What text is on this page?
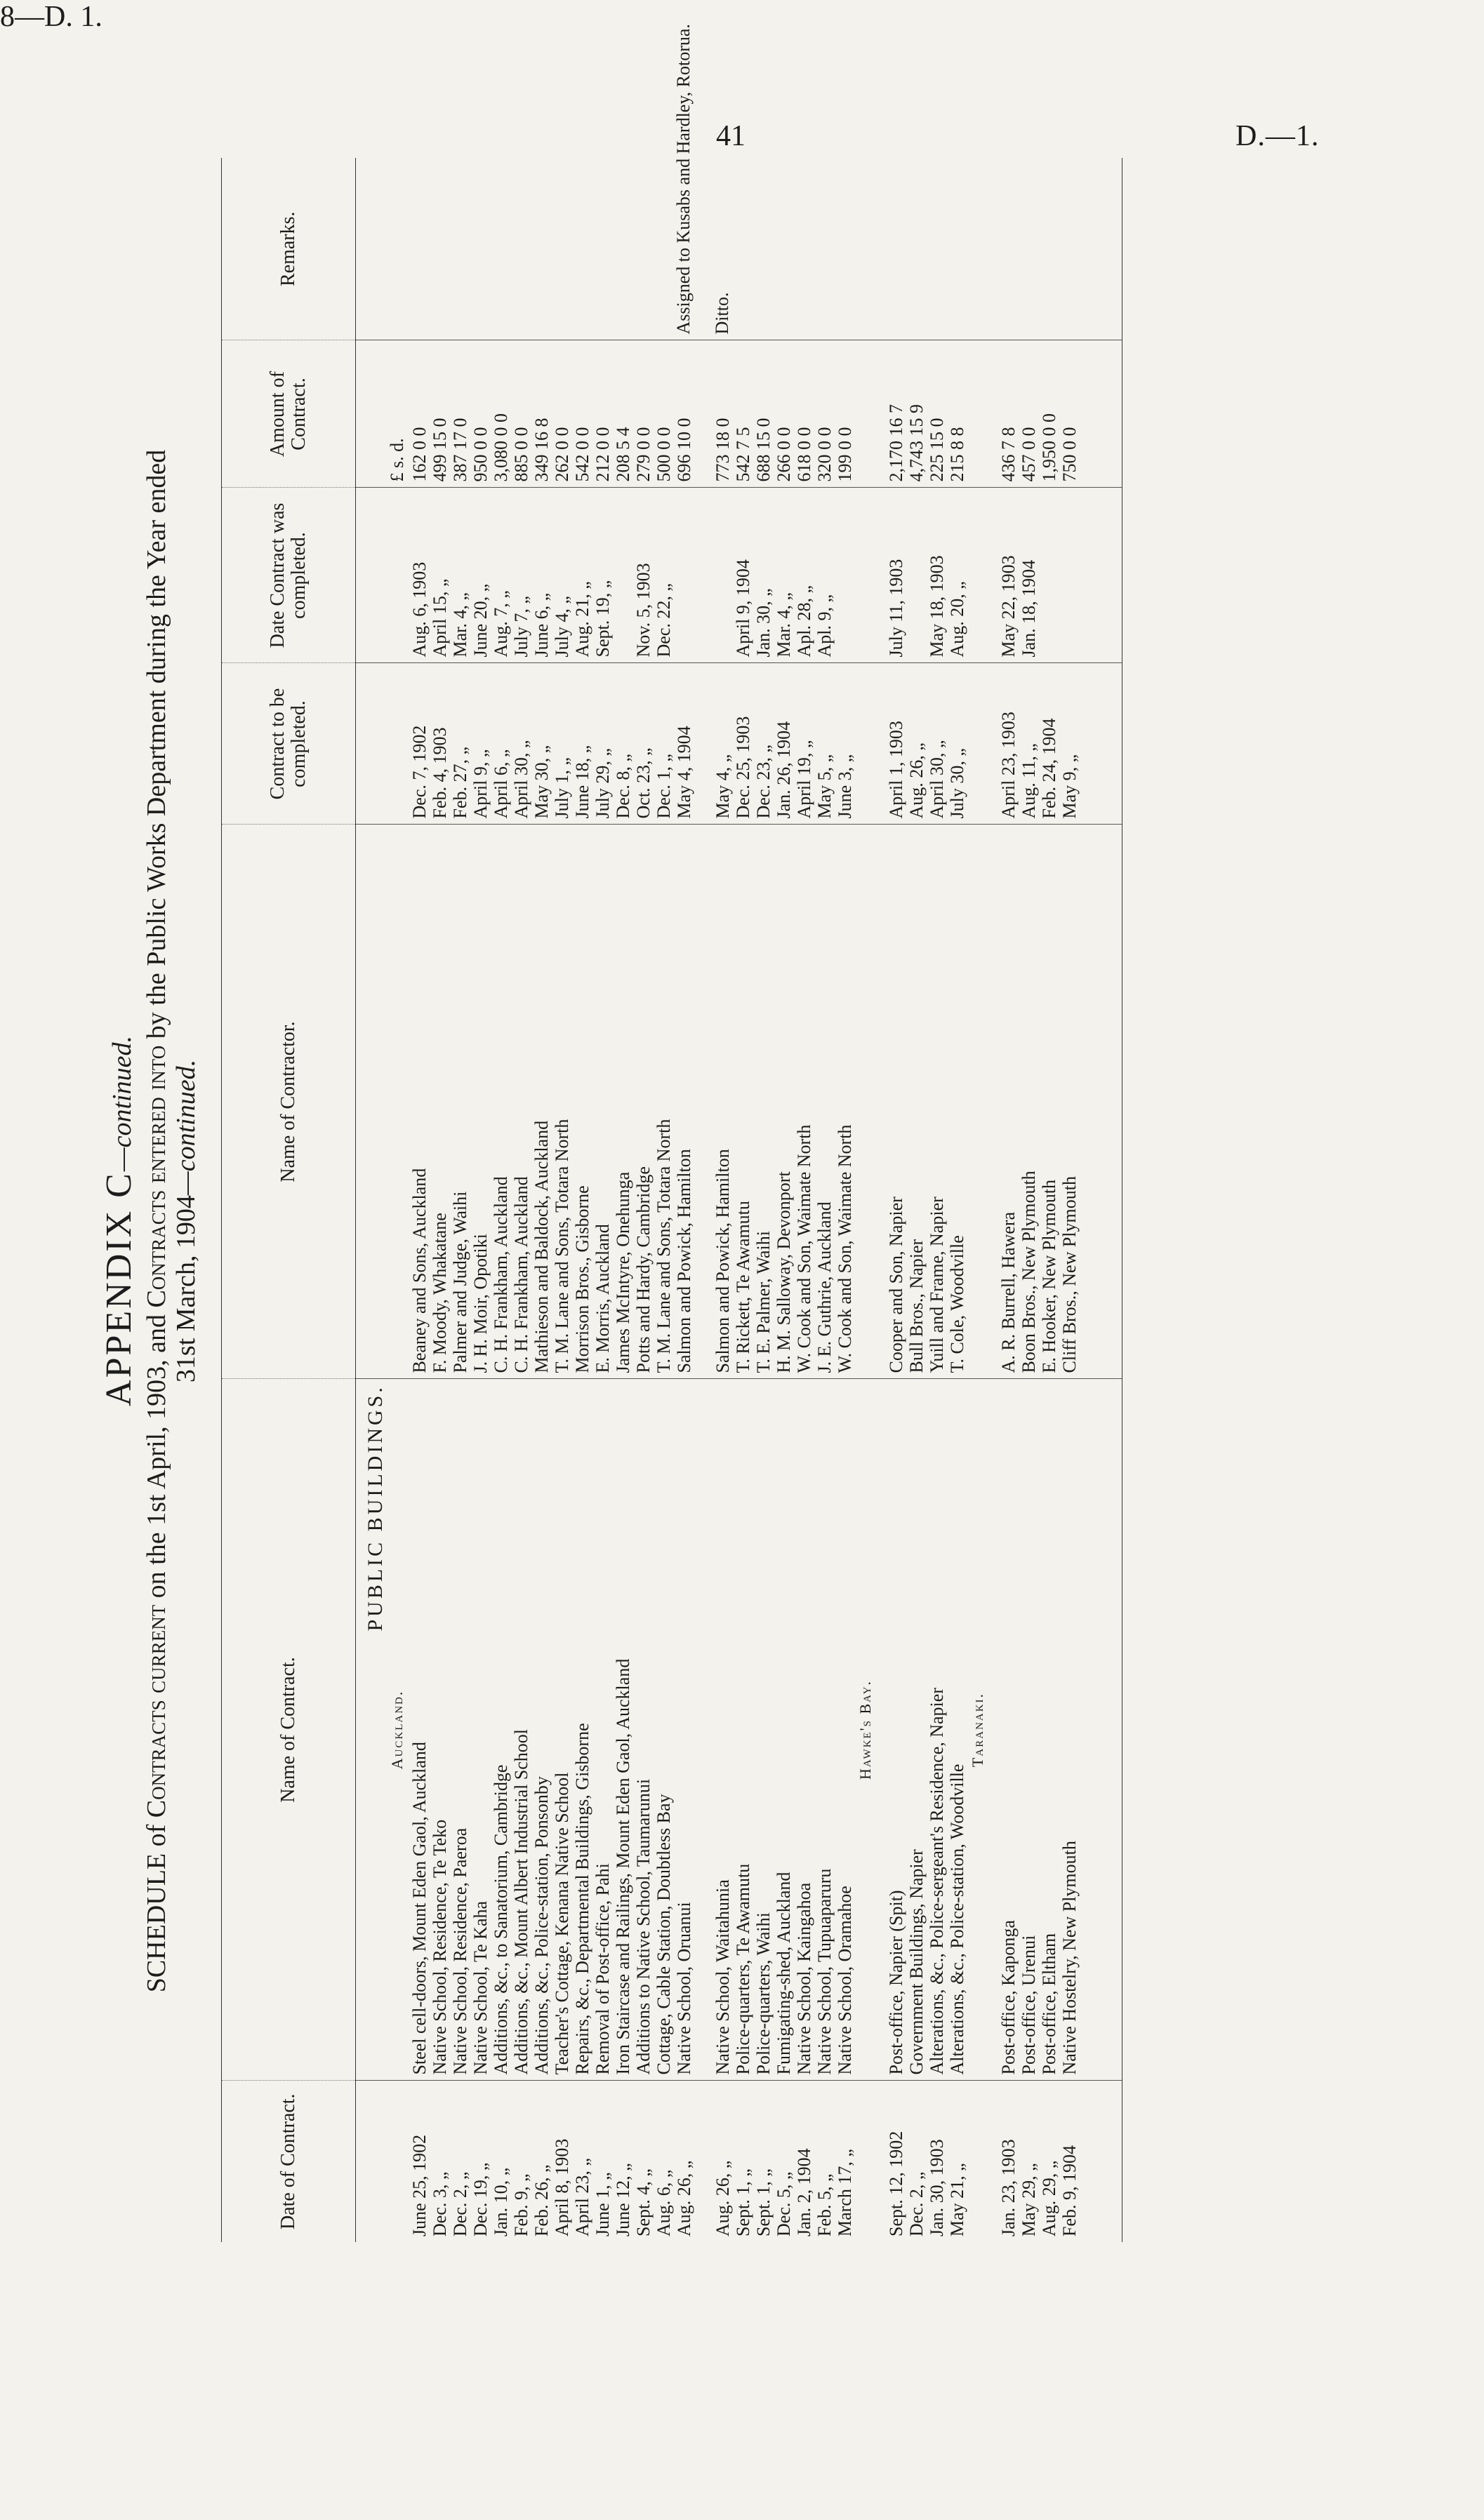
41	D.—1.
8—D. 1.
APPENDIX C—continued.
SCHEDULE of Contracts current on the 1st April, 1903, and Contracts entered into by the Public Works Department during the Year ended
31st March, 1904—continued.
Date of Contract.	Name of Contract.	Name of Contractor.	Contract to be completed.	Date Contract was completed.	Amount of Contract.	Remarks.

		PUBLIC BUILDINGS.				

	Auckland.				£ s. d.	
June 25, 1902	Steel cell-doors, Mount Eden Gaol, Auckland	Beaney and Sons, Auckland	Dec. 7, 1902	Aug. 6, 1903	162 0 0	
Dec. 3, „	Native School, Residence, Te Teko	F. Moody, Whakatane	Feb. 4, 1903	April 15, „	499 15 0	
Dec. 2, „	Native School, Residence, Paeroa	Palmer and Judge, Waihi	Feb. 27, „	Mar. 4, „	387 17 0	
Dec. 19, „	Native School, Te Kaha	J. H. Moir, Opotiki	April 9, „	June 20, „	950 0 0	
Jan. 10, „	Additions, &c., to Sanatorium, Cambridge	C. H. Frankham, Auckland	April 6, „	Aug. 7, „	3,080 0 0	
Feb. 9, „	Additions, &c., Mount Albert Industrial School	C. H. Frankham, Auckland	April 30, „	July 7, „	885 0 0	
Feb. 26, „	Additions, &c., Police-station, Ponsonby	Mathieson and Baldock, Auckland	May 30, „	June 6, „	349 16 8	
April 8, 1903	Teacher's Cottage, Kenana Native School	T. M. Lane and Sons, Totara North	July 1, „	July 4, „	262 0 0	
April 23, „	Repairs, &c., Departmental Buildings, Gisborne	Morrison Bros., Gisborne	June 18, „	Aug. 21, „	542 0 0	
June 1, „	Removal of Post-office, Pahi	E. Morris, Auckland	July 29, „	Sept. 19, „	212 0 0	
June 12, „	Iron Staircase and Railings, Mount Eden Gaol, Auckland	James McIntyre, Onehunga	Dec. 8, „		208 5 4	
Sept. 4, „	Additions to Native School, Taumarunui	Potts and Hardy, Cambridge	Oct. 23, „	Nov. 5, 1903	279 0 0	
Aug. 6, „	Cottage, Cable Station, Doubtless Bay	T. M. Lane and Sons, Totara North	Dec. 1, „	Dec. 22, „	500 0 0	
Aug. 26, „	Native School, Oruanui	Salmon and Powick, Hamilton	May 4, 1904		696 10 0	Assigned to Kusabs and Hardley, Rotorua.

Aug. 26, „	Native School, Waitahunia	Salmon and Powick, Hamilton	May 4, „		773 18 0	Ditto.
Sept. 1, „	Police-quarters, Te Awamutu	T. Rickett, Te Awamutu	Dec. 25, 1903	April 9, 1904	542 7 5	
Sept. 1, „	Police-quarters, Waihi	T. E. Palmer, Waihi	Dec. 23, „	Jan. 30, „	688 15 0	
Dec. 5, „	Fumigating-shed, Auckland	H. M. Salloway, Devonport	Jan. 26, 1904	Mar. 4, „	266 0 0	
Jan. 2, 1904	Native School, Kaingahoa	W. Cook and Son, Waimate North	April 19, „	Apl. 28, „	618 0 0	
Feb. 5, „	Native School, Tupuaparuru	J. E. Guthrie, Auckland	May 5, „	Apl. 9, „	320 0 0	
March 17, „	Native School, Oramahoe	W. Cook and Son, Waimate North	June 3, „		199 0 0	
	Hawke's Bay.					
Sept. 12, 1902	Post-office, Napier (Spit)	Cooper and Son, Napier	April 1, 1903	July 11, 1903	2,170 16 7	
Dec. 2, „	Government Buildings, Napier	Bull Bros., Napier	Aug. 26, „		4,743 15 9	
Jan. 30, 1903	Alterations, &c., Police-sergeant's Residence, Napier	Yuill and Frame, Napier	April 30, „	May 18, 1903	225 15 0	
May 21, „	Alterations, &c., Police-station, Woodville	T. Cole, Woodville	July 30, „	Aug. 20, „	215 8 8	
	Taranaki.					
Jan. 23, 1903	Post-office, Kaponga	A. R. Burrell, Hawera	April 23, 1903	May 22, 1903	436 7 8	
May 29, „	Post-office, Urenui	Boon Bros., New Plymouth	Aug. 11, „	Jan. 18, 1904	457 0 0	
Aug. 29, „	Post-office, Eltham	E. Hooker, New Plymouth	Feb. 24, 1904		1,950 0 0	
Feb. 9, 1904	Native Hostelry, New Plymouth	Cliff Bros., New Plymouth	May 9, „		750 0 0	
